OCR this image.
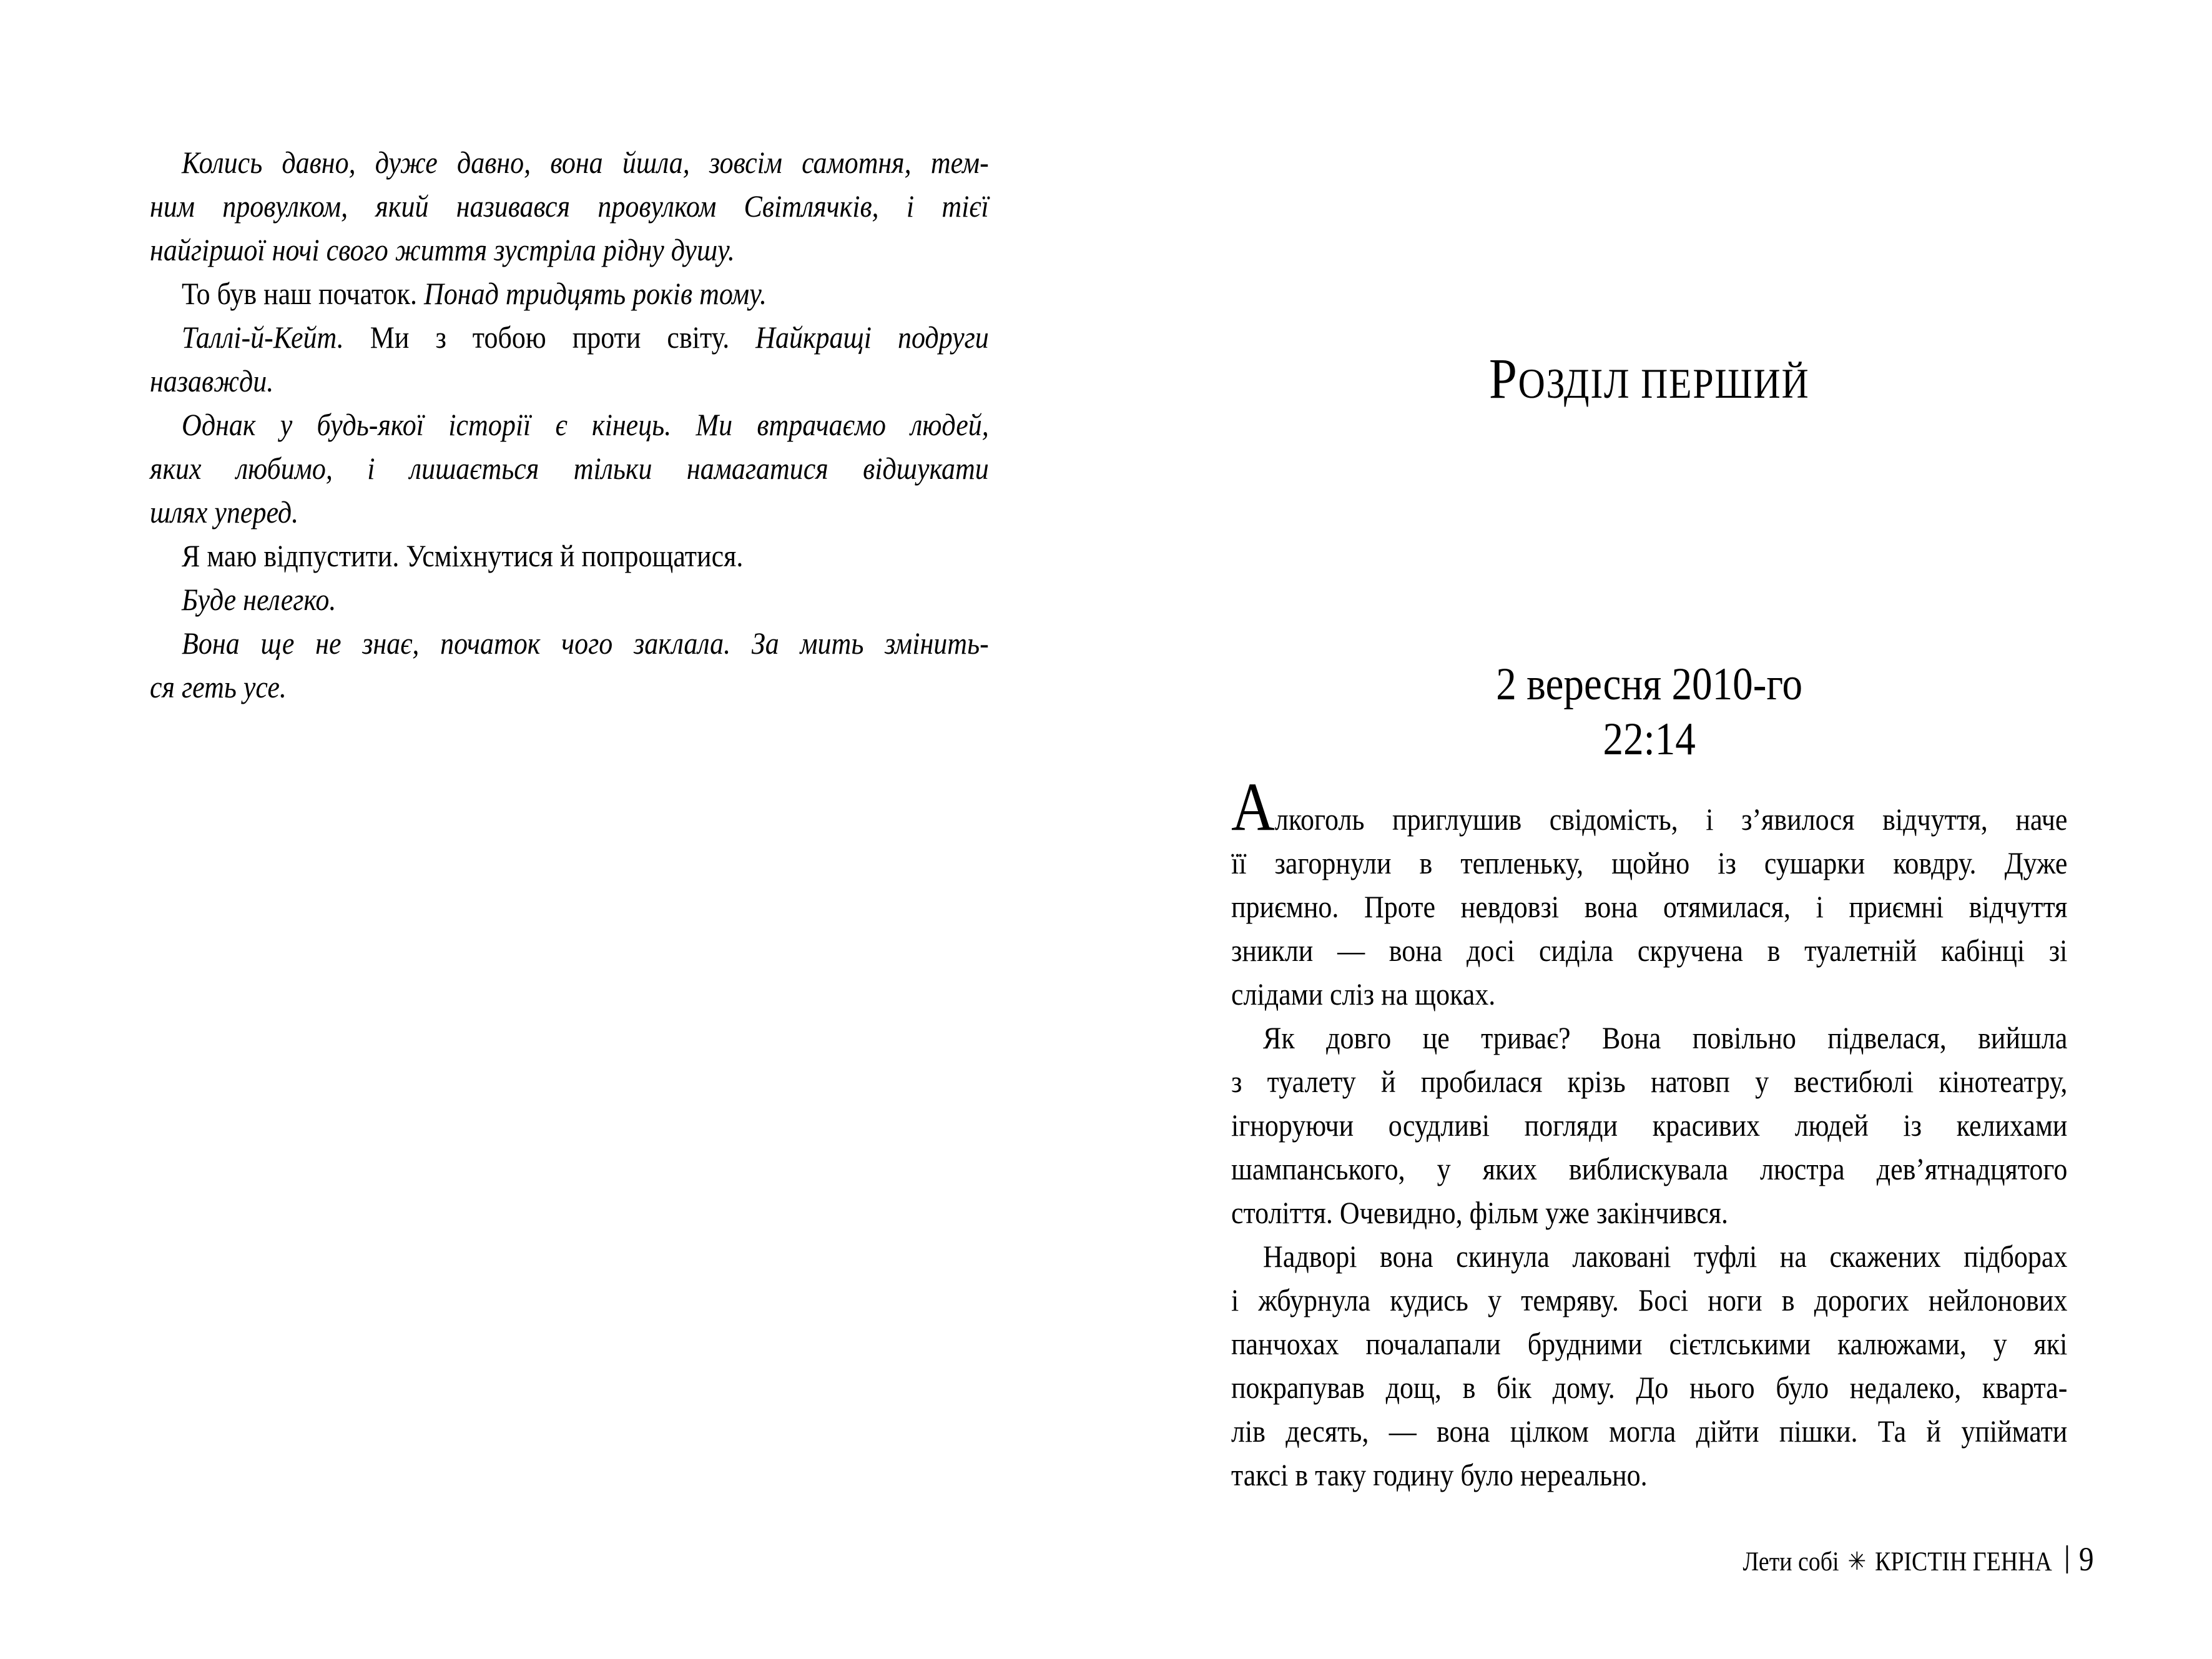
Колись давно, дуже давно, вона йшла, зовсім самотня, тем-
ним провулком, який називався провулком Світлячків, і тієї
найгіршої ночі свого життя зустріла рідну душу.
То був наш початок. Понад тридцять років тому.
Таллі-й-Кейт. Ми з тобою проти світу. Найкращі подруги
назавжди.
Однак у будь-якої історії є кінець. Ми втрачаємо людей,
яких любимо, і лишається тільки намагатися відшукати
шлях уперед.
Я маю відпустити. Усміхнутися й попрощатися.
Буде нелегко.
Вона ще не знає, початок чого заклала. За мить змінить-
ся геть усе.
РОЗДІЛ ПЕРШИЙ
2 вересня 2010-го
22:14
Алкоголь приглушив свідомість, і з’явилося відчуття, наче
її загорнули в тепленьку, щойно із сушарки ковдру. Дуже
приємно. Проте невдовзі вона отямилася, і приємні відчуття
зникли — вона досі сиділа скручена в туалетній кабінці зі
слідами сліз на щоках.
Як довго це триває? Вона повільно підвелася, вийшла
з туалету й пробилася крізь натовп у вестибюлі кінотеатру,
ігноруючи осудливі погляди красивих людей із келихами
шампанського, у яких виблискувала люстра дев’ятнадцятого
століття. Очевидно, фільм уже закінчився.
Надворі вона скинула лаковані туфлі на скажених підборах
і жбурнула кудись у темряву. Босі ноги в дорогих нейлонових
панчохах почалапали брудними сієтлськими калюжами, у які
покрапував дощ, в бік дому. До нього було недалеко, кварта-
лів десять, — вона цілком могла дійти пішки. Та й упіймати
таксі в таку годину було нереально.
Лети собі ✳ КРІСТІН ГЕННА 9
